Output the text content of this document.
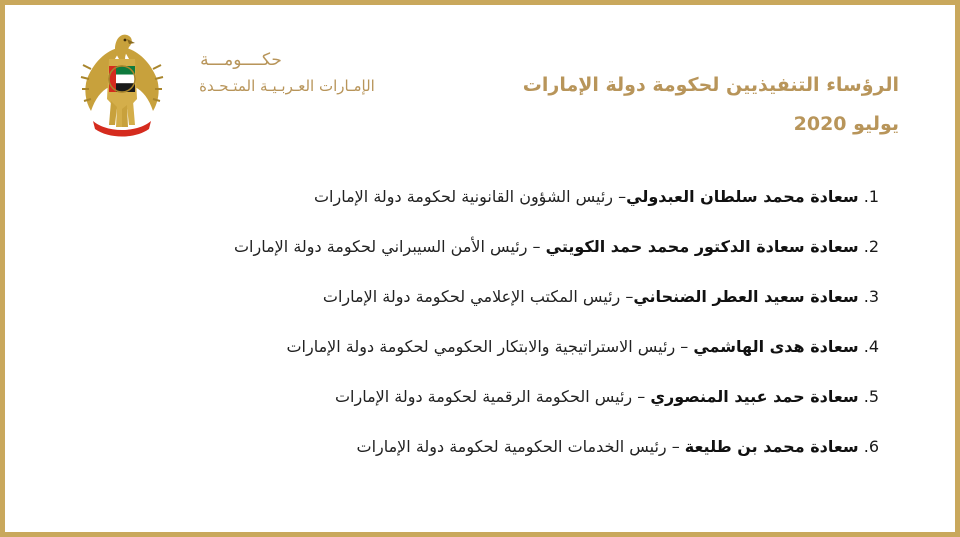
حكــــومـــة
الإمـارات العـربـيـة المتـحـدة	الرؤساء التنفيذيين لحكومة دولة الإمارات
يوليو 2020
1. سعادة محمد سلطان العبدولي– رئيس الشؤون القانونية لحكومة دولة الإمارات
2. سعادة سعادة الدكتور محمد حمد الكويتي – رئيس الأمن السيبراني لحكومة دولة الإمارات
3. سعادة سعيد العطر الضنحاني– رئيس المكتب الإعلامي لحكومة دولة الإمارات
4. سعادة هدى الهاشمي – رئيس الاستراتيجية والابتكار الحكومي لحكومة دولة الإمارات
5. سعادة حمد عبيد المنصوري – رئيس الحكومة الرقمية لحكومة دولة الإمارات
6. سعادة محمد بن طليعة – رئيس الخدمات الحكومية لحكومة دولة الإمارات
